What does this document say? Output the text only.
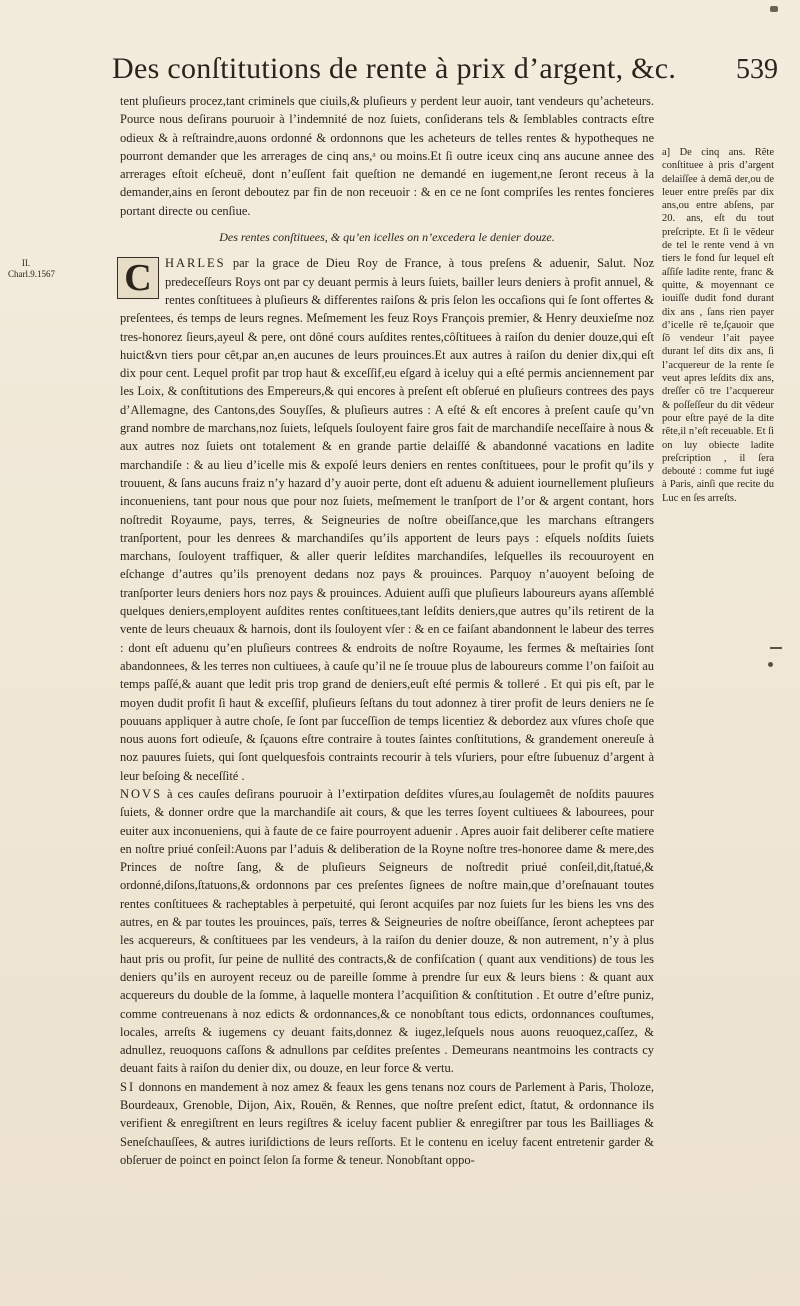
Des conſtitutions de rente à prix d’argent, &c. 539
II.
Charl.9.1567

tent pluſieurs procez,tant criminels que ciuils,& pluſieurs y perdent leur auoir, tant vendeurs qu’acheteurs. Pource nous deſirans pouruoir à l’indemnité de noz ſuiets, conſiderans tels & ſemblables contracts eſtre odieux & à reſtraindre,auons ordonné & ordonnons que les acheteurs de telles rentes & hypotheques ne pourront demander que les arrerages de cinq ans,ᵃ ou moins.Et ſi outre iceux cinq ans aucune annee des arrerages eſtoit eſcheuë, dont n’euſſent fait queſtion ne demandé en iugement,ne ſeront receus à la demander,ains en ſeront deboutez par fin de non receuoir : & en ce ne ſont compriſes les rentes foncieres portant directe ou cenſiue.

Des rentes conſtituees, & qu’en icelles on n’excedera le denier douze.

C	HARLES par la grace de Dieu Roy de France, à tous preſens & aduenir, Salut. Noz predeceſſeurs Roys ont par cy deuant permis à leurs ſuiets, bailler leurs deniers à profit annuel, & rentes conſtituees à pluſieurs & differentes raiſons & pris ſelon les occaſions qui ſe ſont offertes & preſentees, és temps de leurs regnes. Meſmement les feuz Roys François premier, & Henry deuxieſme noz tres-honorez ſieurs,ayeul & pere, ont dôné cours auſdites rentes,côſtituees à raiſon du denier douze,qui eſt huict&vn tiers pour cêt,par an,en aucunes de leurs prouinces.Et aux autres à raiſon du denier dix,qui eſt dix pour cent. Lequel profit par trop haut & exceſſif,eu eſgard à iceluy qui a eſté permis anciennement par les Loix, & conſtitutions des Empereurs,& qui encores à preſent eſt obſerué en pluſieurs contrees des pays d’Allemagne, des Cantons,des Souyſſes, & pluſieurs autres : A eſté & eſt encores à preſent cauſe qu’vn grand nombre de marchans,noz ſuiets, leſquels ſouloyent faire gros fait de marchandiſe neceſſaire à nous & aux autres noz ſuiets ont totalement & en grande partie delaiſſé & abandonné vacations en ladite marchandiſe : & au lieu d’icelle mis & expoſé leurs deniers en rentes conſtituees, pour le profit qu’ils y trouuent, & ſans aucuns fraiz n’y hazard d’y auoir perte, dont eſt aduenu & aduient iournellement pluſieurs inconueniens, tant pour nous que pour noz ſuiets, meſmement le tranſport de l’or & argent contant, hors noſtredit Royaume, pays, terres, & Seigneuries de noſtre obeiſſance,que les marchans eſtrangers tranſportent, pour les denrees & marchandiſes qu’ils apportent de leurs pays : eſquels noſdits ſuiets marchans, ſouloyent traffiquer, & aller querir leſdites marchandiſes, leſquelles ils recouuroyent en eſchange d’autres qu’ils prenoyent dedans noz pays & prouinces. Parquoy n’auoyent beſoing de tranſporter leurs deniers hors noz pays & prouinces. Aduient auſſi que pluſieurs laboureurs ayans aſſemblé quelques deniers,employent auſdites rentes conſtituees,tant leſdits deniers,que autres qu’ils retirent de la vente de leurs cheuaux & harnois, dont ils ſouloyent vſer : & en ce faiſant abandonnent le labeur des terres : dont eſt aduenu qu’en pluſieurs contrees & endroits de noſtre Royaume, les fermes & meſtairies ſont abandonnees, & les terres non cultiuees, à cauſe qu’il ne ſe trouue plus de laboureurs comme l’on faiſoit au temps paſſé,& auant que ledit pris trop grand de deniers,euſt eſté permis & tolleré . Et qui pis eſt, par le moyen dudit profit ſi haut & exceſſif, pluſieurs ſeſtans du tout adonnez à tirer profit de leurs deniers ne ſe pouuans appliquer à autre choſe, ſe ſont par ſucceſſion de temps licentiez & debordez aux vſures choſe que nous auons fort odieuſe, & ſçauons eſtre contraire à toutes ſaintes conſtitutions, & grandement onereuſe à noz pauures ſuiets, qui ſont quelquesfois contraints recourir à tels vſuriers, pour eſtre ſubuenuz d’argent à leur beſoing & neceſſité .

NOVS à ces cauſes deſirans pouruoir à l’extirpation deſdites vſures,au ſoulagemêt de noſdits pauures ſuiets, & donner ordre que la marchandiſe ait cours, & que les terres ſoyent cultiuees & labourees, pour euiter aux inconueniens, qui à faute de ce faire pourroyent aduenir . Apres auoir fait deliberer ceſte matiere en noſtre priué conſeil:Auons par l’aduis & deliberation de la Royne noſtre tres-honoree dame & mere,des Princes de noſtre ſang, & de pluſieurs Seigneurs de noſtredit priué conſeil,dit,ſtatué,& ordonné,diſons,ſtatuons,& ordonnons par ces preſentes ſignees de noſtre main,que d’oreſnauant toutes rentes conſtituees & racheptables à perpetuité, qui ſeront acquiſes par noz ſuiets ſur les biens les vns des autres, en & par toutes les prouinces, païs, terres & Seigneuries de noſtre obeiſſance, ſeront acheptees par les acquereurs, & conſtituees par les vendeurs, à la raiſon du denier douze, & non autrement, n’y à plus haut pris ou profit, ſur peine de nullité des contracts,& de confiſcation ( quant aux venditions) de tous les deniers qu’ils en auroyent receuz ou de pareille ſomme à prendre ſur eux & leurs biens : & quant aux acquereurs du double de la ſomme, à laquelle montera l’acquiſition & conſtitution . Et outre d’eſtre puniz, comme contreuenans à noz edicts & ordonnances,& ce nonobſtant tous edicts, ordonnances couſtumes, locales, arreſts & iugemens cy deuant faits,donnez & iugez,leſquels nous auons reuoquez,caſſez, & adnullez, reuoquons caſſons & adnullons par ceſdites preſentes . Demeurans neantmoins les contracts cy deuant faits à raiſon du denier dix, ou douze, en leur force & vertu.

SI donnons en mandement à noz amez & feaux les gens tenans noz cours de Parlement à Paris, Tholoze, Bourdeaux, Grenoble, Dijon, Aix, Rouën, & Rennes, que noſtre preſent edict, ſtatut, & ordonnance ils verifient & enregiſtrent en leurs regiſtres & iceluy facent publier & enregiſtrer par tous les Bailliages & Seneſchauſſees, & autres iuriſdictions de leurs reſſorts. Et le contenu en iceluy facent entretenir garder & obſeruer de poinct en poinct ſelon ſa forme & teneur. Nonobſtant oppo-

a] De cinq ans. Rẽte conſtituee à pris d’argent delaiſſee à demã der,ou de leuer entre preſẽs par dix ans,ou entre abſens, par 20. ans, eſt du tout preſcripte. Et ſi le vẽdeur de tel le rente vend à vn tiers le fond ſur lequel eſt aſſiſe ladite rente, franc & quitte, & moyennant ce iouiſſe dudit fond durant dix ans , ſans rien payer d’icelle rẽ te,ſçauoir que ſõ vendeur l’ait payee durant leſ dits dix ans, ſi l’acquereur de la rente ſe veut apres leſdits dix ans, dreſſer cõ tre l’acquereur & poſſeſſeur du dit vẽdeur pour eſtre payé de la dite rẽte,il n’eſt receuable. Et ſi on luy obiecte ladite preſcription , il ſera debouté : comme fut iugé à Paris, ainſi que recite du Luc en ſes arreſts.
